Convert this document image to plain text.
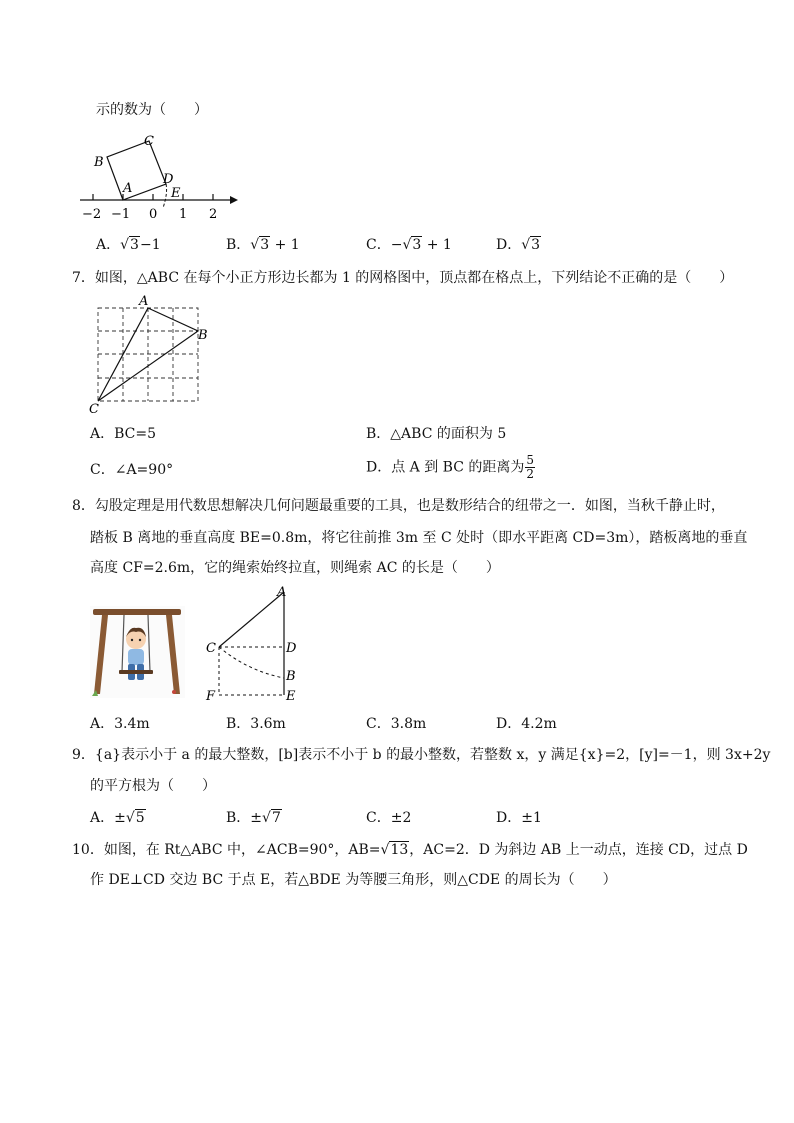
示的数为（　　）
B
C
A
D
E
−2 −1 0 1 2
A．√3−1	B．√3 + 1	C．−√3 + 1	D．√3
7．如图，△ABC 在每个小正方形边长都为 1 的网格图中，顶点都在格点上，下列结论不正确的是（　　）
A
B
C
A．BC=5	B．△ABC 的面积为 5
C．∠A=90°	D．点 A 到 BC 的距离为 $\frac{5}{2}$
8．勾股定理是用代数思想解决几何问题最重要的工具，也是数形结合的纽带之一．如图，当秋千静止时，
踏板 B 离地的垂直高度 BE=0.8m，将它往前推 3m 至 C 处时（即水平距离 CD=3m），踏板离地的垂直
高度 CF=2.6m，它的绳索始终拉直，则绳索 AC 的长是（　　）
A
C	D
B
F	E
A．3.4m	B．3.6m	C．3.8m	D．4.2m
9．{a}表示小于 a 的最大整数，[b]表示不小于 b 的最小整数，若整数 x，y 满足{x}=2，[y]=－1，则 3x+2y
的平方根为（　　）
A．±√5	B．±√7	C．±2	D．±1
10．如图，在 Rt△ABC 中，∠ACB=90°，AB=√13，AC=2．D 为斜边 AB 上一动点，连接 CD，过点 D
作 DE⊥CD 交边 BC 于点 E，若△BDE 为等腰三角形，则△CDE 的周长为（　　）
